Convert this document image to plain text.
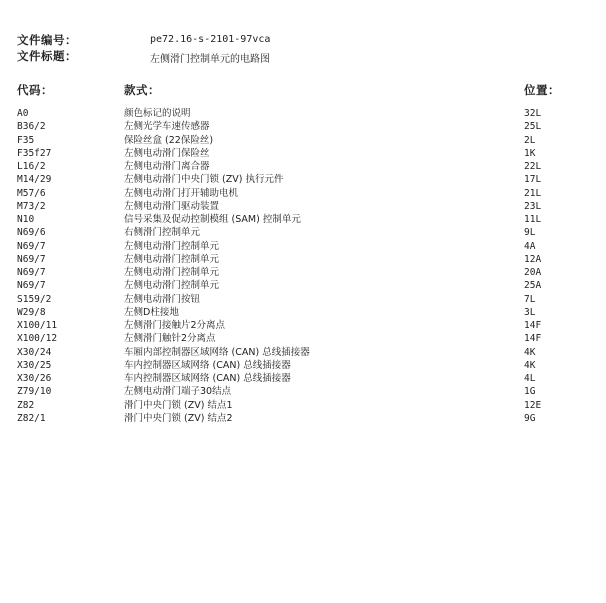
文件编号：	pe72.16-s-2101-97vca
文件标题：	左侧滑门控制单元的电路图
代码：	款式：	位置：
A0	颜色标记的说明	32L
B36/2	左侧光学车速传感器	25L
F35	保险丝盒 (22保险丝)	2L
F35f27	左侧电动滑门保险丝	1K
L16/2	左侧电动滑门离合器	22L
M14/29	左侧电动滑门中央门锁 (ZV) 执行元件	17L
M57/6	左侧电动滑门打开辅助电机	21L
M73/2	左侧电动滑门驱动装置	23L
N10	信号采集及促动控制模组 (SAM) 控制单元	11L
N69/6	右侧滑门控制单元	9L
N69/7	左侧电动滑门控制单元	4A
N69/7	左侧电动滑门控制单元	12A
N69/7	左侧电动滑门控制单元	20A
N69/7	左侧电动滑门控制单元	25A
S159/2	左侧电动滑门按钮	7L
W29/8	左侧D柱接地	3L
X100/11	左侧滑门接触片2分离点	14F
X100/12	左侧滑门触针2分离点	14F
X30/24	车厢内部控制器区域网络 (CAN) 总线插接器	4K
X30/25	车内控制器区域网络 (CAN) 总线插接器	4K
X30/26	车内控制器区域网络 (CAN) 总线插接器	4L
Z79/10	左侧电动滑门端子30结点	1G
Z82	滑门中央门锁 (ZV) 结点1	12E
Z82/1	滑门中央门锁 (ZV) 结点2	9G
